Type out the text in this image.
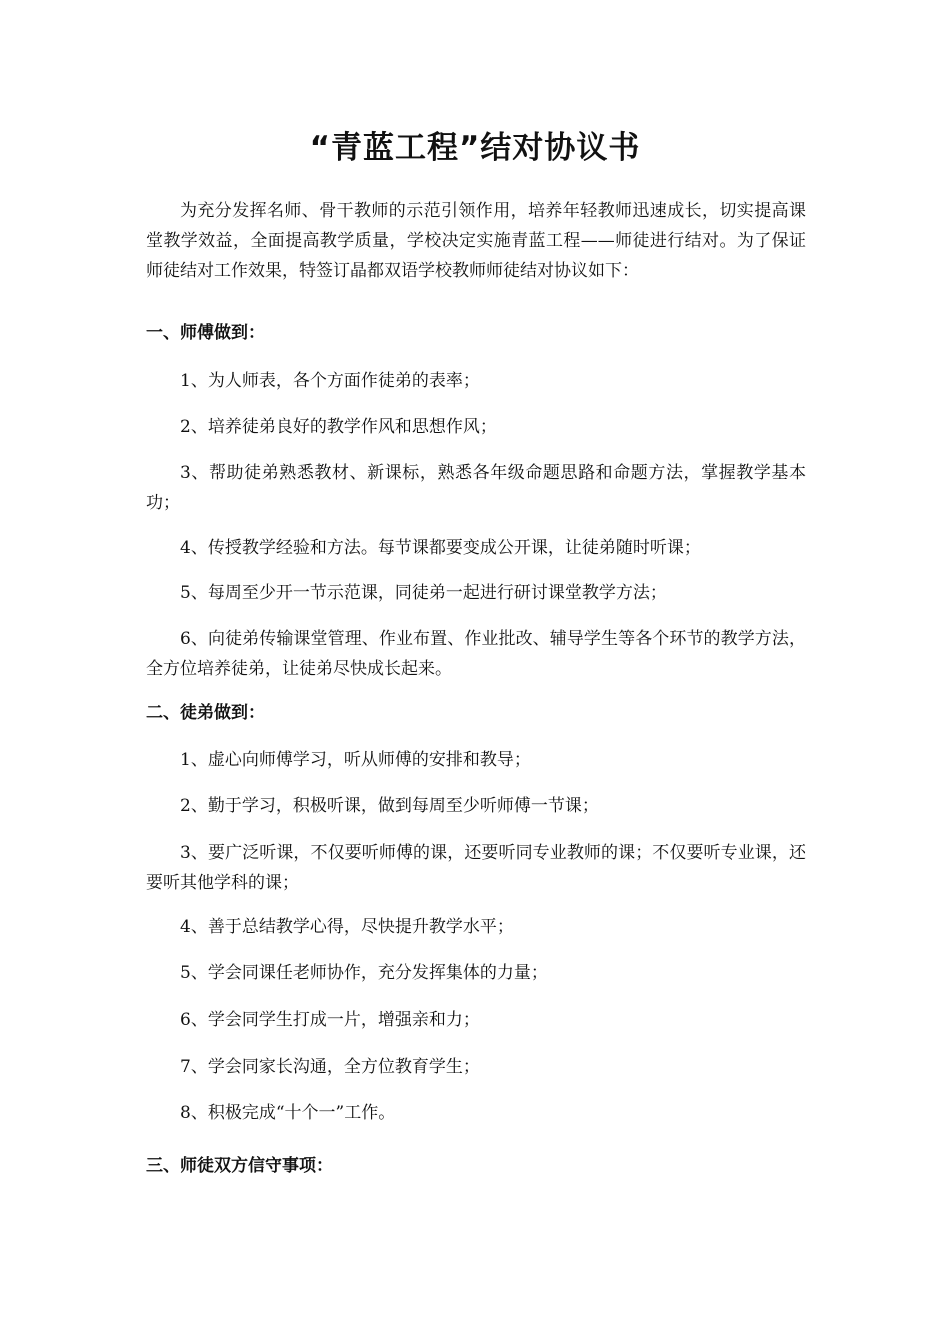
“青蓝工程”结对协议书

为充分发挥名师、骨干教师的示范引领作用，培养年轻教师迅速成长，切实提高课堂教学效益，全面提高教学质量，学校决定实施青蓝工程——师徒进行结对。为了保证师徒结对工作效果，特签订晶都双语学校教师师徒结对协议如下：

一、师傅做到：

1、为人师表，各个方面作徒弟的表率；

2、培养徒弟良好的教学作风和思想作风；

3、帮助徒弟熟悉教材、新课标，熟悉各年级命题思路和命题方法，掌握教学基本功；

4、传授教学经验和方法。每节课都要变成公开课，让徒弟随时听课；

5、每周至少开一节示范课，同徒弟一起进行研讨课堂教学方法；

6、向徒弟传输课堂管理、作业布置、作业批改、辅导学生等各个环节的教学方法，全方位培养徒弟，让徒弟尽快成长起来。

二、徒弟做到：

1、虚心向师傅学习，听从师傅的安排和教导；

2、勤于学习，积极听课，做到每周至少听师傅一节课；

3、要广泛听课，不仅要听师傅的课，还要听同专业教师的课；不仅要听专业课，还要听其他学科的课；

4、善于总结教学心得，尽快提升教学水平；

5、学会同课任老师协作，充分发挥集体的力量；

6、学会同学生打成一片，增强亲和力；

7、学会同家长沟通，全方位教育学生；

8、积极完成“十个一”工作。

三、师徒双方信守事项：
